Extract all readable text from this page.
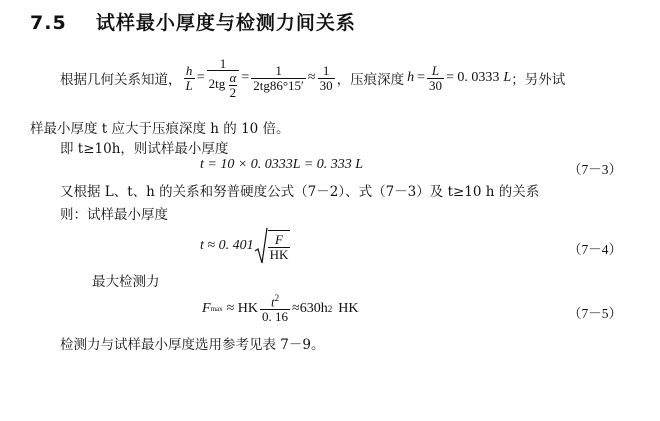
7.5 试样最小厚度与检测力间关系
根据几何关系知道， $\frac{h}{L} = \frac{1}{2tg \frac{\alpha}{2}} = \frac{1}{2tg86^\circ 15'} \approx \frac{1}{30}$ ，压痕深度 $h = \frac{L}{30} = 0$. 0333 L ；另外试
样最小厚度 t 应大于压痕深度 h 的 10 倍。
即 t≥10h，则试样最小厚度
t = 10 × 0. 0333L = 0. 333 L	（7－3）
又根据 L、t、h 的关系和努普硬度公式（7－2）、式（7－3）及 t≥10 h 的关系
则：试样最小厚度
t ≈ 0. $401 \frac{F}{HK}$	（7－4）
最大检测力
F max ≈ HK $\frac{t^2}{0. 16} \approx 630h$ 2 HK	（7－5）
检测力与试样最小厚度选用参考见表 7－9。
